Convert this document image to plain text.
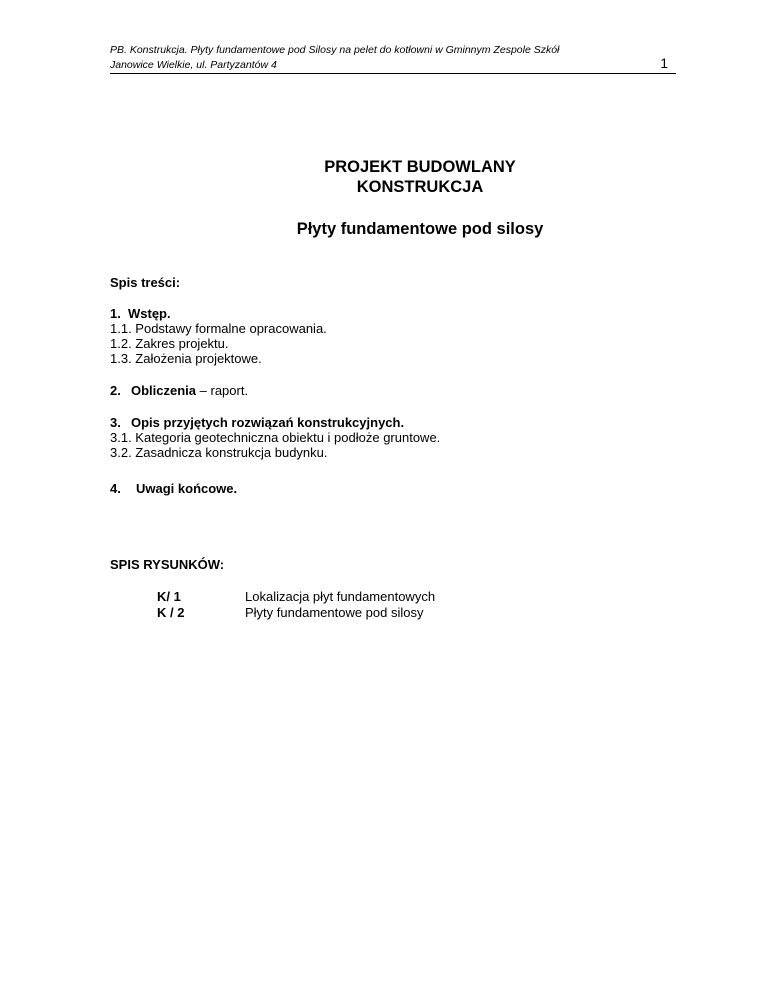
PB. Konstrukcja. Płyty fundamentowe pod Silosy na pelet do kotłowni w Gminnym Zespole Szkół
Janowice Wielkie, ul. Partyzantów 4	1
PROJEKT BUDOWLANY
KONSTRUKCJA
Płyty fundamentowe pod silosy
Spis treści:
1. Wstęp.
1.1. Podstawy formalne opracowania.
1.2. Zakres projektu.
1.3. Założenia projektowe.
2. Obliczenia – raport.
3. Opis przyjętych rozwiązań konstrukcyjnych.
3.1. Kategoria geotechniczna obiektu i podłoże gruntowe.
3.2. Zasadnicza konstrukcja budynku.
4. Uwagi końcowe.
SPIS RYSUNKÓW:
K/ 1	Lokalizacja płyt fundamentowych
K / 2	Płyty fundamentowe pod silosy
